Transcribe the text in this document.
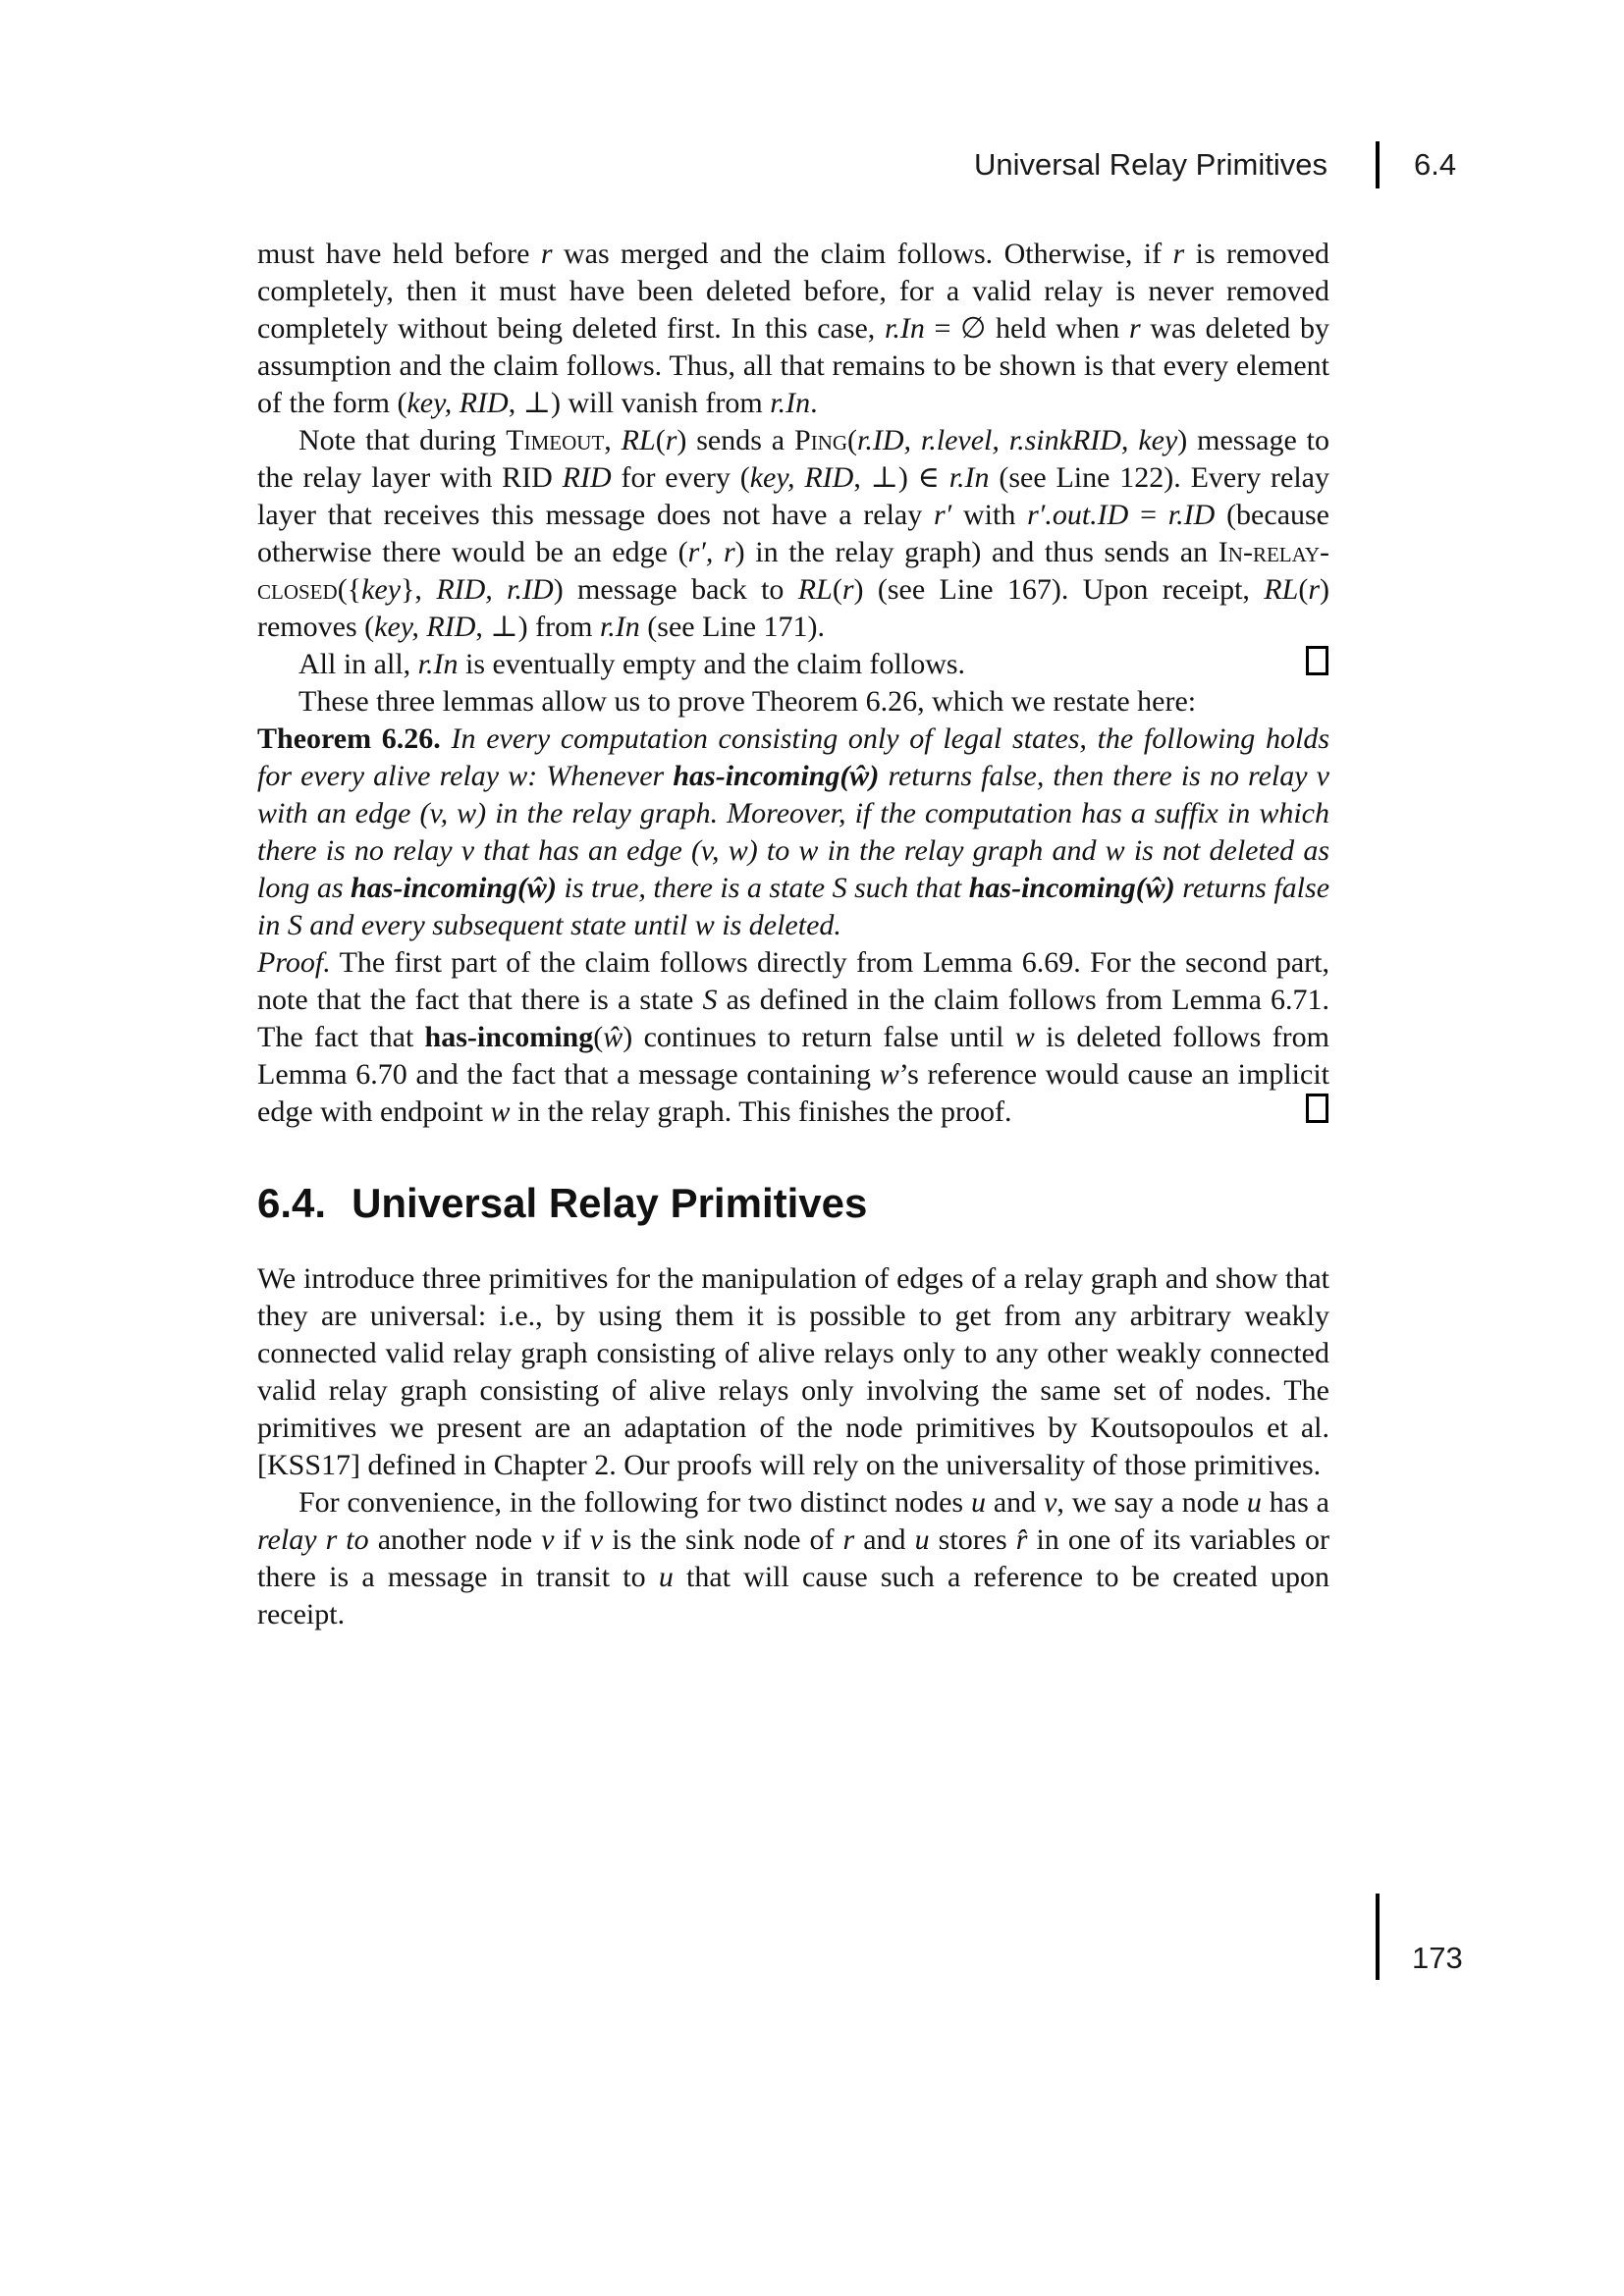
Universal Relay Primitives	6.4

must have held before r was merged and the claim follows. Otherwise, if r is removed completely, then it must have been deleted before, for a valid relay is never removed completely without being deleted first. In this case, r.In = ∅ held when r was deleted by assumption and the claim follows. Thus, all that remains to be shown is that every element of the form (key, RID, ⊥) will vanish from r.In.

Note that during Timeout, RL(r) sends a Ping(r.ID, r.level, r.sinkRID, key) message to the relay layer with RID RID for every (key, RID, ⊥) ∈ r.In (see Line 122). Every relay layer that receives this message does not have a relay r′ with r′.out.ID = r.ID (because otherwise there would be an edge (r′, r) in the relay graph) and thus sends an In-relay-closed({key}, RID, r.ID) message back to RL(r) (see Line 167). Upon receipt, RL(r) removes (key, RID, ⊥) from r.In (see Line 171).

All in all, r.In is eventually empty and the claim follows.

These three lemmas allow us to prove Theorem 6.26, which we restate here:

Theorem 6.26. In every computation consisting only of legal states, the following holds for every alive relay w: Whenever has-incoming(ŵ) returns false, then there is no relay v with an edge (v, w) in the relay graph. Moreover, if the computation has a suffix in which there is no relay v that has an edge (v, w) to w in the relay graph and w is not deleted as long as has-incoming(ŵ) is true, there is a state S such that has-incoming(ŵ) returns false in S and every subsequent state until w is deleted.

Proof. The first part of the claim follows directly from Lemma 6.69. For the second part, note that the fact that there is a state S as defined in the claim follows from Lemma 6.71. The fact that has-incoming(ŵ) continues to return false until w is deleted follows from Lemma 6.70 and the fact that a message containing w’s reference would cause an implicit edge with endpoint w in the relay graph. This finishes the proof.

6.4. Universal Relay Primitives

We introduce three primitives for the manipulation of edges of a relay graph and show that they are universal: i.e., by using them it is possible to get from any arbitrary weakly connected valid relay graph consisting of alive relays only to any other weakly connected valid relay graph consisting of alive relays only involving the same set of nodes. The primitives we present are an adaptation of the node primitives by Koutsopoulos et al. [KSS17] defined in Chapter 2. Our proofs will rely on the universality of those primitives.

For convenience, in the following for two distinct nodes u and v, we say a node u has a relay r to another node v if v is the sink node of r and u stores r̂ in one of its variables or there is a message in transit to u that will cause such a reference to be created upon receipt.

173
